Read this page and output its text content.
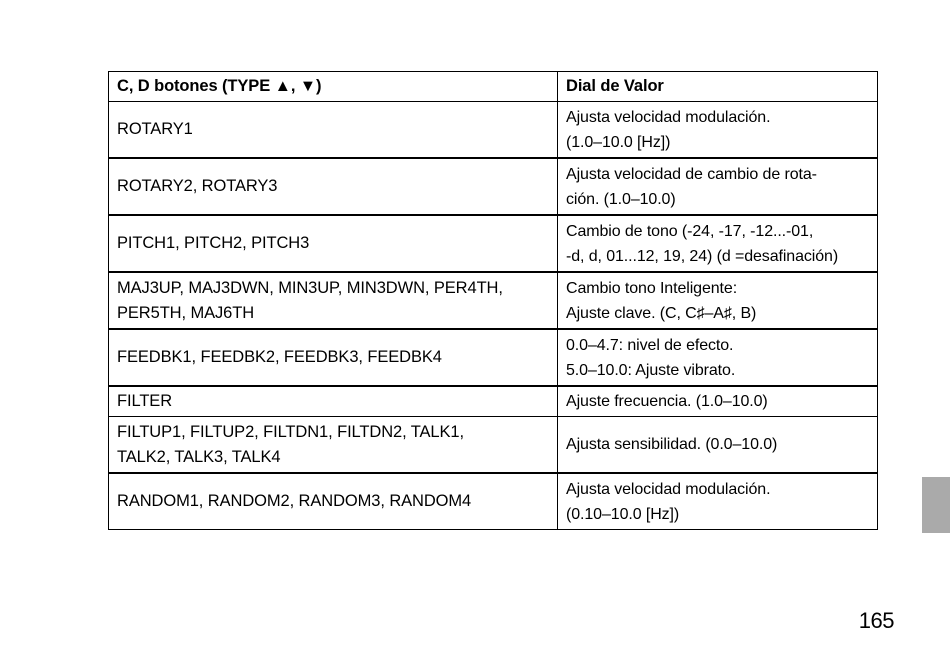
C, D botones (TYPE ▲, ▼)	Dial de Valor

ROTARY1	Ajusta velocidad modulación.
(1.0–10.0 [Hz])

ROTARY2, ROTARY3	Ajusta velocidad de cambio de rota-
ción. (1.0–10.0)

PITCH1, PITCH2, PITCH3	Cambio de tono (-24, -17, -12...-01,
-d, d, 01...12, 19, 24) (d =desafinación)

MAJ3UP, MAJ3DWN, MIN3UP, MIN3DWN, PER4TH,
PER5TH, MAJ6TH	Cambio tono Inteligente:
Ajuste clave. (C, C♯–A♯, B)

FEEDBK1, FEEDBK2, FEEDBK3, FEEDBK4	0.0–4.7: nivel de efecto.
5.0–10.0: Ajuste vibrato.

FILTER	Ajuste frecuencia. (1.0–10.0)

FILTUP1, FILTUP2, FILTDN1, FILTDN2, TALK1,
TALK2, TALK3, TALK4	Ajusta sensibilidad. (0.0–10.0)

RANDOM1, RANDOM2, RANDOM3, RANDOM4	Ajusta velocidad modulación.
(0.10–10.0 [Hz])
165
